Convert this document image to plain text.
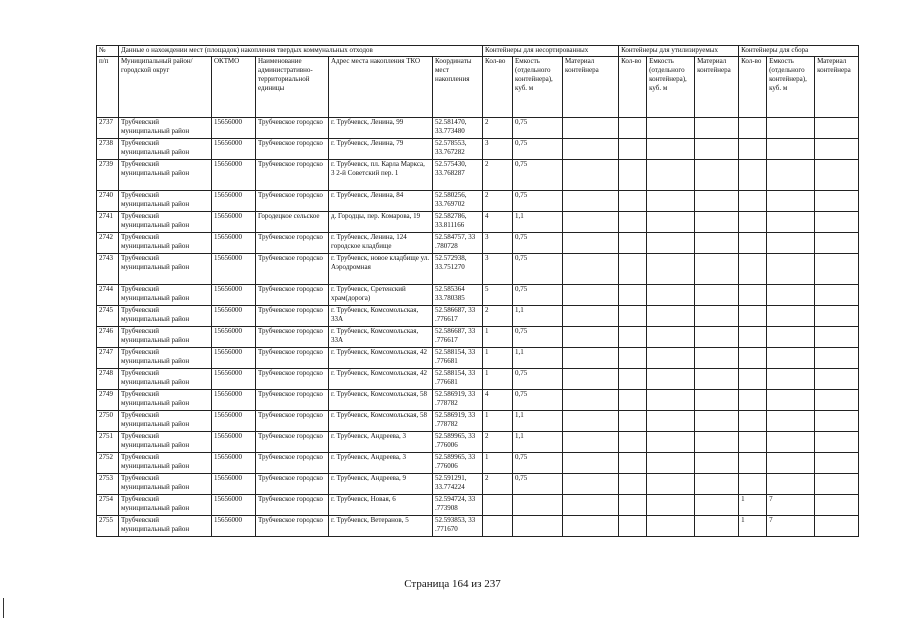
№	Данные о нахождении мест (площадок) накопления твердых коммунальных отходов					Контейнеры для несортированных			Контейнеры для утилизируемых			Контейнеры для сбора		
п/п	Муниципальный район/городской округ	ОКТМО	Наименование административно-территориальной единицы	Адрес места накопления ТКО	Координаты мест накопления	Кол-во	Емкость (отдельного контейнера), куб. м	Материал контейнера	Кол-во	Емкость (отдельного контейнера), куб. м	Материал контейнера	Кол-во	Емкость (отдельного контейнера), куб. м	Материал контейнера
2737	Трубчевский муниципальный район	15656000	Трубчевское городско	г. Трубчевск, Ленина, 99	52.581470, 33.773480	2	0,75							
2738	Трубчевский муниципальный район	15656000	Трубчевское городско	г. Трубчевск, Ленина, 79	52.578553, 33.767282	3	0,75							
2739	Трубчевский муниципальный район	15656000	Трубчевское городско	г. Трубчевск, пл. Карла Маркса, 3 2-й Советский пер. 1	52.575430, 33.768287	2	0,75							
2740	Трубчевский муниципальный район	15656000	Трубчевское городско	г. Трубчевск, Ленина, 84	52.580256, 33.769702	2	0,75							
2741	Трубчевский муниципальный район	15656000	Городецкое сельское	д. Городцы, пер. Комарова, 19	52.582786, 33.811166	4	1,1							
2742	Трубчевский муниципальный район	15656000	Трубчевское городско	г. Трубчевск, Ленина, 124 городское кладбище	52.584757, 33 .780728	3	0,75							
2743	Трубчевский муниципальный район	15656000	Трубчевское городско	г. Трубчевск, новое кладбище ул. Аэродромная	52.572938, 33.751270	3	0,75							
2744	Трубчевский муниципальный район	15656000	Трубчевское городско	г. Трубчевск, Сретенский храм(дорога)	52.585364 33.780385	5	0,75							
2745	Трубчевский муниципальный район	15656000	Трубчевское городско	г. Трубчевск, Комсомольская, 33А	52.586687, 33 .776617	2	1,1							
2746	Трубчевский муниципальный район	15656000	Трубчевское городско	г. Трубчевск, Комсомольская, 33А	52.586687, 33 .776617	1	0,75							
2747	Трубчевский муниципальный район	15656000	Трубчевское городско	г. Трубчевск, Комсомольская, 42	52.588154, 33 .776681	1	1,1							
2748	Трубчевский муниципальный район	15656000	Трубчевское городско	г. Трубчевск, Комсомольская, 42	52.588154, 33 .776681	1	0,75							
2749	Трубчевский муниципальный район	15656000	Трубчевское городско	г. Трубчевск, Комсомольская, 58	52.586919, 33 .778782	4	0,75							
2750	Трубчевский муниципальный район	15656000	Трубчевское городско	г. Трубчевск, Комсомольская, 58	52.586919, 33 .778782	1	1,1							
2751	Трубчевский муниципальный район	15656000	Трубчевское городско	г. Трубчевск, Андреева, 3	52.589965, 33 .776006	2	1,1							
2752	Трубчевский муниципальный район	15656000	Трубчевское городско	г. Трубчевск, Андреева, 3	52.589965, 33 .776006	1	0,75							
2753	Трубчевский муниципальный район	15656000	Трубчевское городско	г. Трубчевск, Андреева, 9	52.591291, 33.774224	2	0,75							
2754	Трубчевский муниципальный район	15656000	Трубчевское городско	г. Трубчевск, Новая, 6	52.594724, 33 .773908							1	7	
2755	Трубчевский муниципальный район	15656000	Трубчевское городско	г. Трубчевск, Ветеранов, 5	52.593853, 33 .771670							1	7	
Страница 164 из 237
